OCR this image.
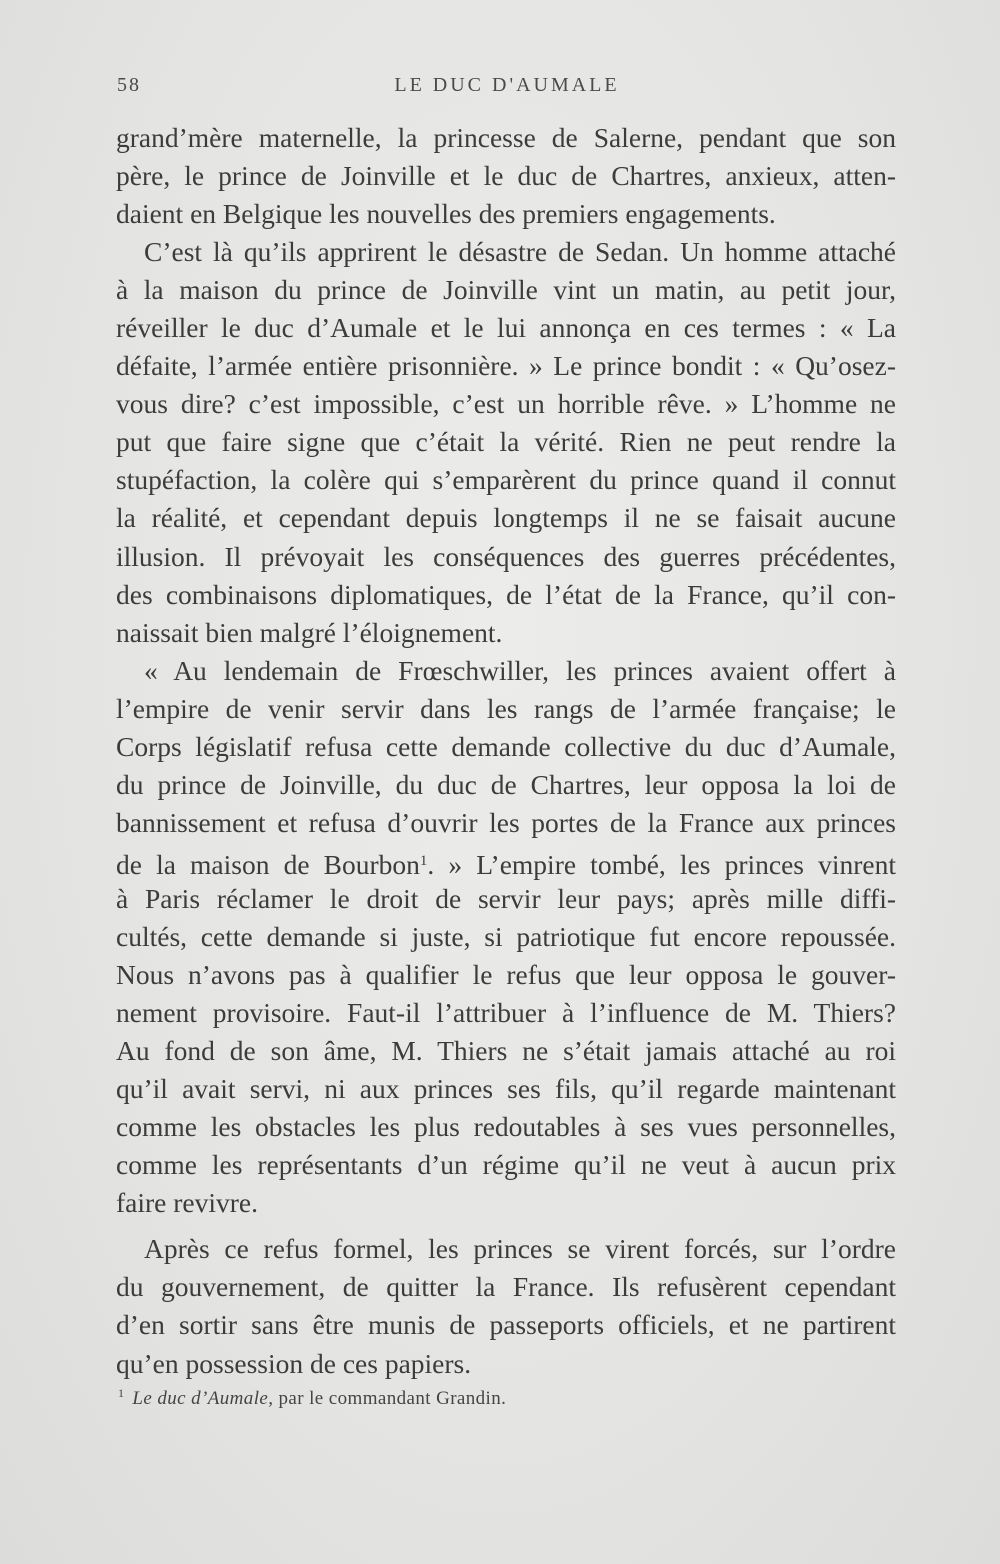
58	LE DUC D'AUMALE
grand’mère maternelle, la princesse de Salerne, pendant que son
père, le prince de Joinville et le duc de Chartres, anxieux, atten-
daient en Belgique les nouvelles des premiers engagements.
C’est là qu’ils apprirent le désastre de Sedan. Un homme attaché
à la maison du prince de Joinville vint un matin, au petit jour,
réveiller le duc d’Aumale et le lui annonça en ces termes : « La
défaite, l’armée entière prisonnière. » Le prince bondit : « Qu’osez-
vous dire? c’est impossible, c’est un horrible rêve. » L’homme ne
put que faire signe que c’était la vérité. Rien ne peut rendre la
stupéfaction, la colère qui s’emparèrent du prince quand il connut
la réalité, et cependant depuis longtemps il ne se faisait aucune
illusion. Il prévoyait les conséquences des guerres précédentes,
des combinaisons diplomatiques, de l’état de la France, qu’il con-
naissait bien malgré l’éloignement.
« Au lendemain de Frœschwiller, les princes avaient offert à
l’empire de venir servir dans les rangs de l’armée française; le
Corps législatif refusa cette demande collective du duc d’Aumale,
du prince de Joinville, du duc de Chartres, leur opposa la loi de
bannissement et refusa d’ouvrir les portes de la France aux princes
de la maison de Bourbon$^1$. » L’empire tombé, les princes vinrent
à Paris réclamer le droit de servir leur pays; après mille diffi-
cultés, cette demande si juste, si patriotique fut encore repoussée.
Nous n’avons pas à qualifier le refus que leur opposa le gouver-
nement provisoire. Faut-il l’attribuer à l’influence de M. Thiers?
Au fond de son âme, M. Thiers ne s’était jamais attaché au roi
qu’il avait servi, ni aux princes ses fils, qu’il regarde maintenant
comme les obstacles les plus redoutables à ses vues personnelles,
comme les représentants d’un régime qu’il ne veut à aucun prix
faire revivre.
Après ce refus formel, les princes se virent forcés, sur l’ordre
du gouvernement, de quitter la France. Ils refusèrent cependant
d’en sortir sans être munis de passeports officiels, et ne partirent
qu’en possession de ces papiers.
$^1$ Le duc d’Aumale, par le commandant Grandin.
